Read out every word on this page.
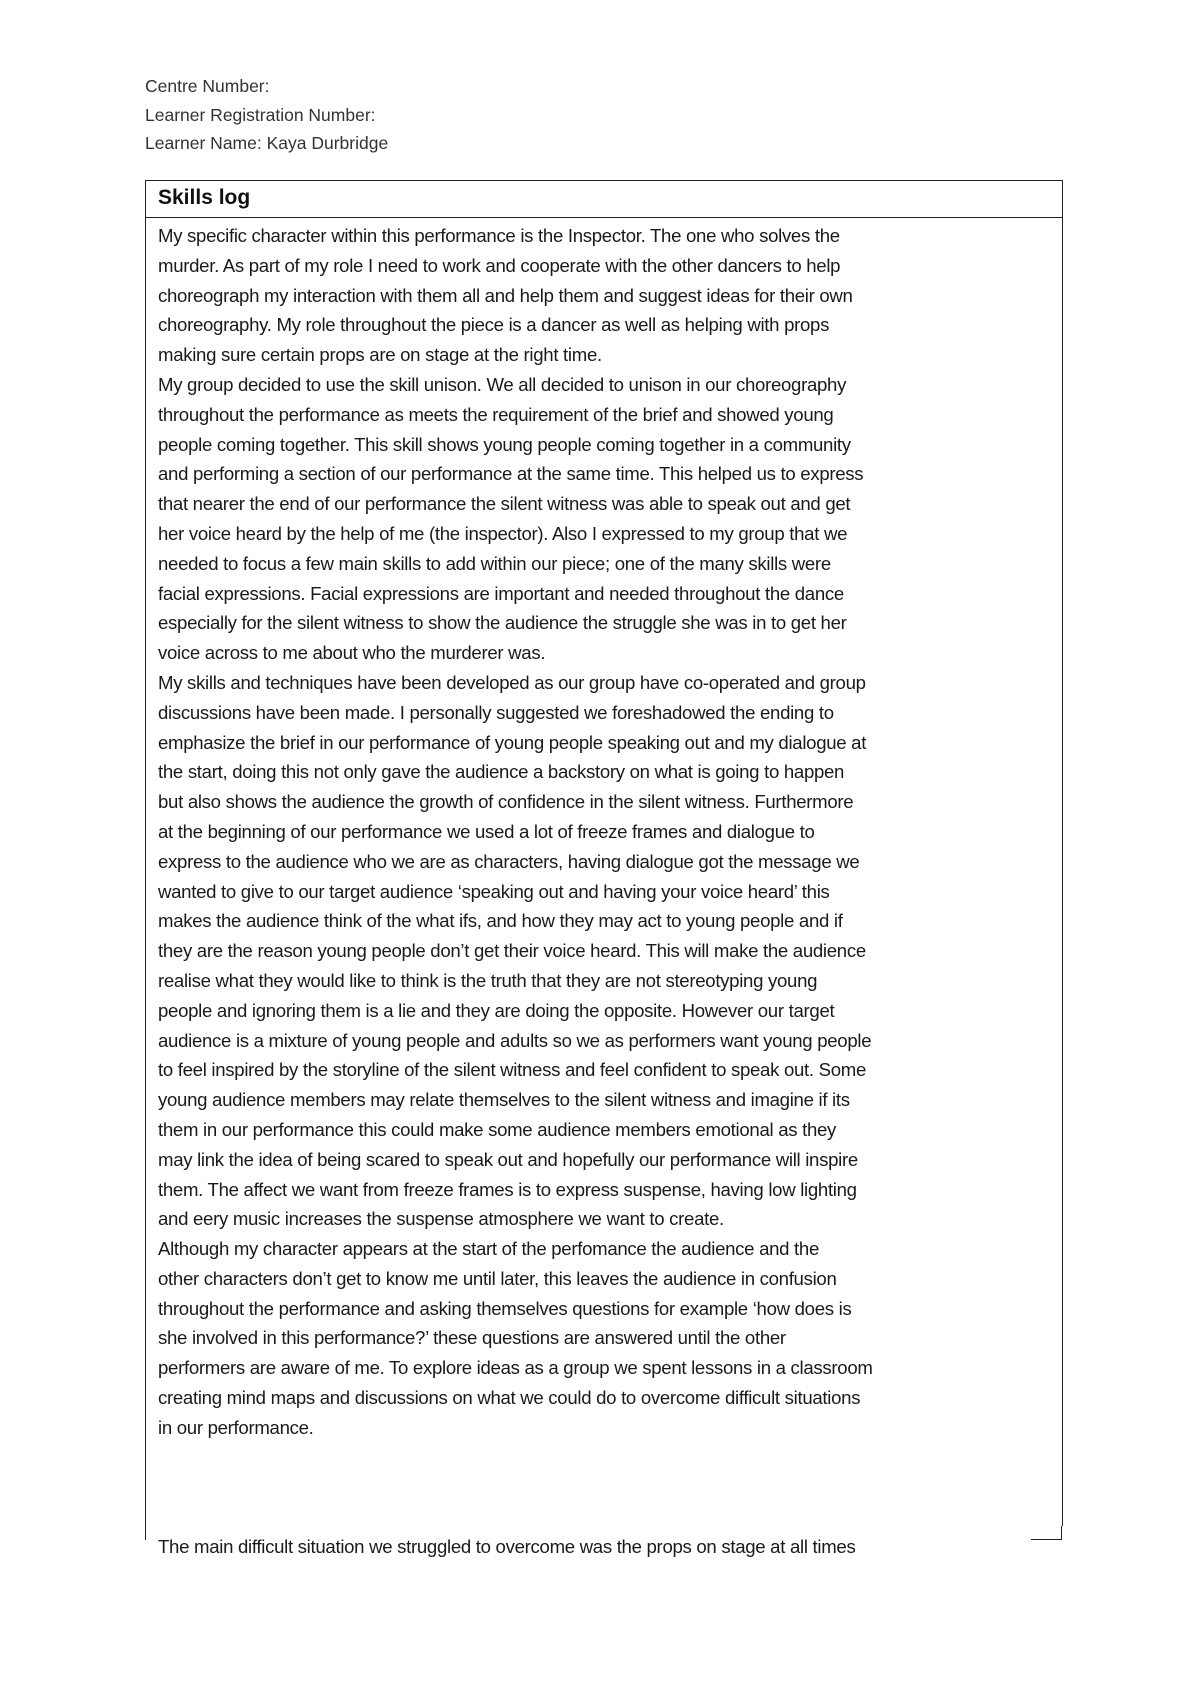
Centre Number:
Learner Registration Number:
Learner Name: Kaya Durbridge
Skills log
My specific character within this performance is the Inspector. The one who solves the
murder. As part of my role I need to work and cooperate with the other dancers to help
choreograph my interaction with them all and help them and suggest ideas for their own
choreography. My role throughout the piece is a dancer as well as helping with props
making sure certain props are on stage at the right time.
My group decided to use the skill unison. We all decided to unison in our choreography
throughout the performance as meets the requirement of the brief and showed young
people coming together. This skill shows young people coming together in a community
and performing a section of our performance at the same time. This helped us to express
that nearer the end of our performance the silent witness was able to speak out and get
her voice heard by the help of me (the inspector). Also I expressed to my group that we
needed to focus a few main skills to add within our piece; one of the many skills were
facial expressions. Facial expressions are important and needed throughout the dance
especially for the silent witness to show the audience the struggle she was in to get her
voice across to me about who the murderer was.
My skills and techniques have been developed as our group have co-operated and group
discussions have been made. I personally suggested we foreshadowed the ending to
emphasize the brief in our performance of young people speaking out and my dialogue at
the start, doing this not only gave the audience a backstory on what is going to happen
but also shows the audience the growth of confidence in the silent witness. Furthermore
at the beginning of our performance we used a lot of freeze frames and dialogue to
express to the audience who we are as characters, having dialogue got the message we
wanted to give to our target audience ‘speaking out and having your voice heard’ this
makes the audience think of the what ifs, and how they may act to young people and if
they are the reason young people don’t get their voice heard. This will make the audience
realise what they would like to think is the truth that they are not stereotyping young
people and ignoring them is a lie and they are doing the opposite. However our target
audience is a mixture of young people and adults so we as performers want young people
to feel inspired by the storyline of the silent witness and feel confident to speak out. Some
young audience members may relate themselves to the silent witness and imagine if its
them in our performance this could make some audience members emotional as they
may link the idea of being scared to speak out and hopefully our performance will inspire
them. The affect we want from freeze frames is to express suspense, having low lighting
and eery music increases the suspense atmosphere we want to create.
Although my character appears at the start of the perfomance the audience and the
other characters don’t get to know me until later, this leaves the audience in confusion
throughout the performance and asking themselves questions for example ‘how does is
she involved in this performance?’ these questions are answered until the other
performers are aware of me. To explore ideas as a group we spent lessons in a classroom
creating mind maps and discussions on what we could do to overcome difficult situations
in our performance.
The main difficult situation we struggled to overcome was the props on stage at all times
